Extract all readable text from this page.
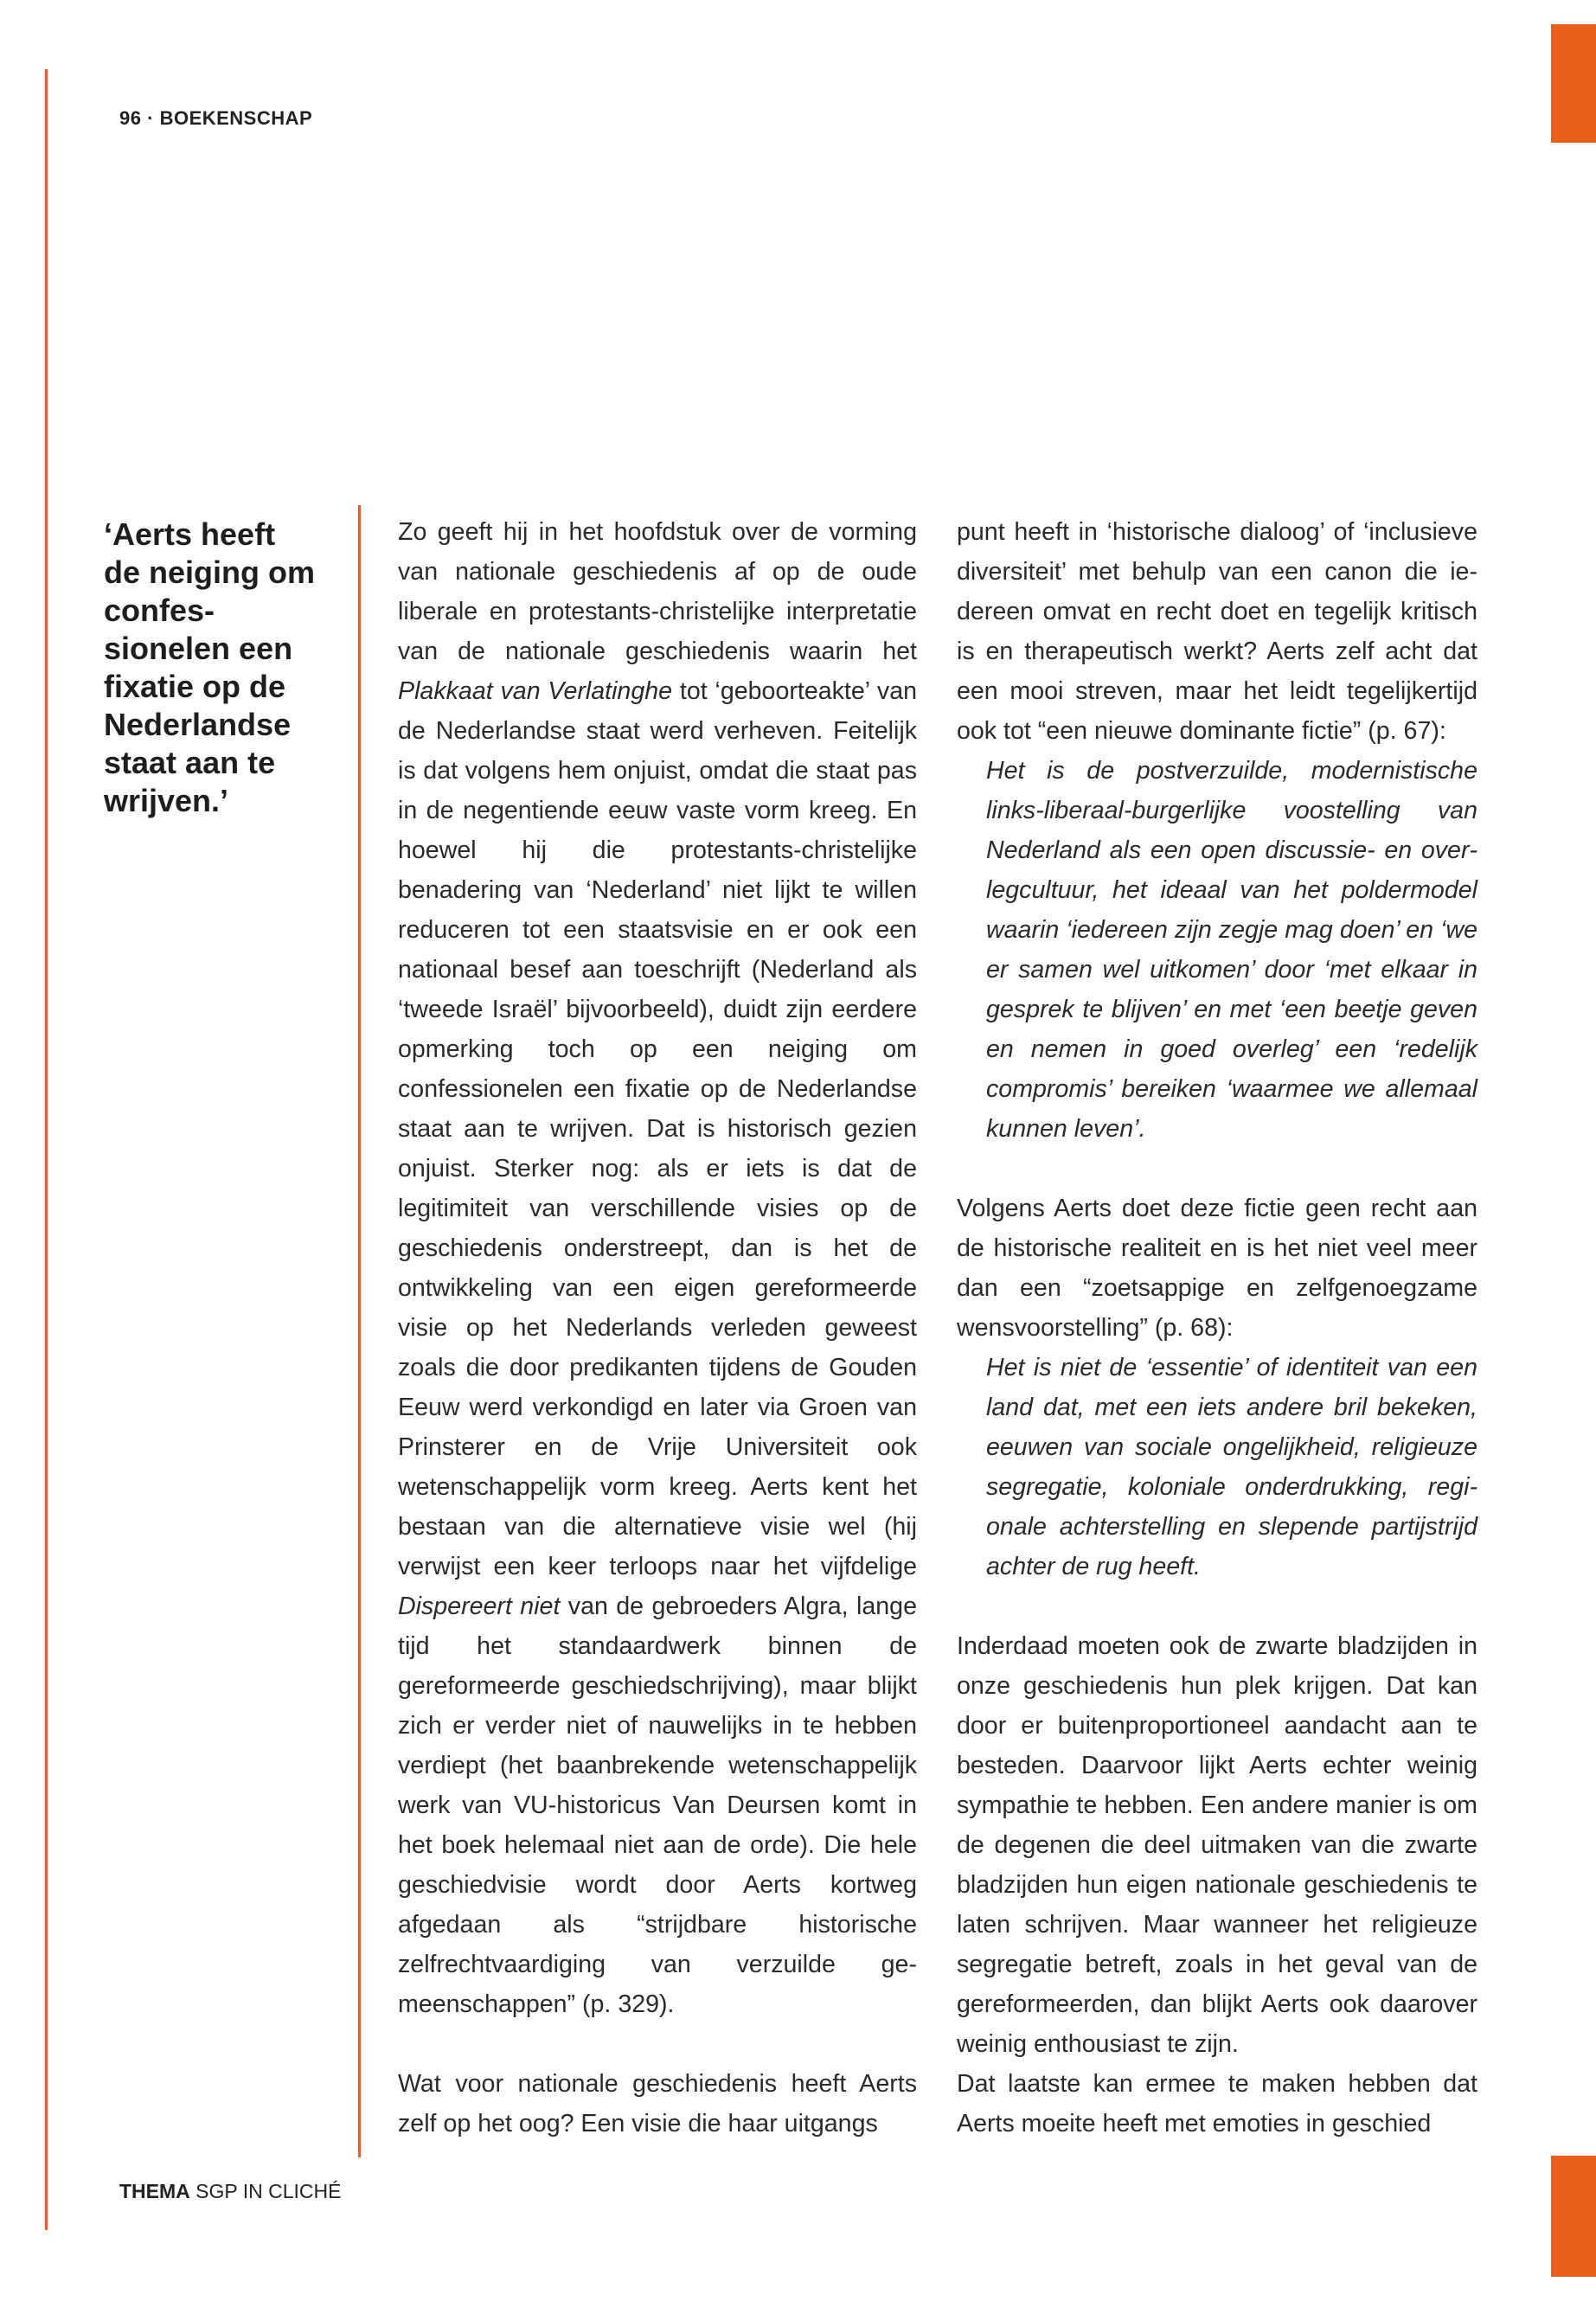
96 · BOEKENSCHAP
‘Aerts heeft de neiging om confessionelen een fixatie op de Nederlandse staat aan te wrijven.’

Zo geeft hij in het hoofdstuk over de vorming van nationale geschiedenis af op de oude liberale en protestants-christelijke interpretatie van de nationale geschiedenis waarin het Plakkaat van Verlatinghe tot ‘geboorteakte’ van de Nederlandse staat werd verheven. Feitelijk is dat volgens hem onjuist, omdat die staat pas in de negentiende eeuw vaste vorm kreeg. En hoewel hij die protestants-christelijke benadering van ‘Nederland’ niet lijkt te willen reduceren tot een staatsvisie en er ook een nationaal besef aan toeschrijft (Nederland als ‘tweede Israël’ bijvoorbeeld), duidt zijn eerdere opmerking toch op een neiging om confessionelen een fixatie op de Nederlandse staat aan te wrijven. Dat is historisch gezien onjuist. Sterker nog: als er iets is dat de legitimiteit van verschillende visies op de geschiedenis onderstreept, dan is het de ontwikkeling van een eigen gereformeerde visie op het Nederlands verleden geweest zoals die door predikanten tijdens de Gouden Eeuw werd verkondigd en later via Groen van Prinsterer en de Vrije Universiteit ook wetenschappelijk vorm kreeg. Aerts kent het bestaan van die alternatieve visie wel (hij verwijst een keer terloops naar het vijfdelige Dispereert niet van de gebroeders Algra, lange tijd het standaardwerk binnen de gereformeerde geschiedschrijving), maar blijkt zich er verder niet of nauwelijks in te hebben verdiept (het baanbrekende wetenschappelijk werk van VU-historicus Van Deursen komt in het boek helemaal niet aan de orde). Die hele geschiedvisie wordt door Aerts kortweg afgedaan als “strijdbare historische zelfrechtvaardiging van verzuilde gemeenschappen” (p. 329).

Wat voor nationale geschiedenis heeft Aerts zelf op het oog? Een visie die haar uitgangs

punt heeft in ‘historische dialoog’ of ‘inclusieve diversiteit’ met behulp van een canon die iedereen omvat en recht doet en tegelijk kritisch is en therapeutisch werkt? Aerts zelf acht dat een mooi streven, maar het leidt tegelijkertijd ook tot “een nieuwe dominante fictie” (p. 67):

Het is de postverzuilde, modernistische links-liberaal-burgerlijke voostelling van Nederland als een open discussie- en overlegcultuur, het ideaal van het poldermodel waarin ‘iedereen zijn zegje mag doen’ en ‘we er samen wel uitkomen’ door ‘met elkaar in gesprek te blijven’ en met ‘een beetje geven en nemen in goed overleg’ een ‘redelijk compromis’ bereiken ‘waarmee we allemaal kunnen leven’.

Volgens Aerts doet deze fictie geen recht aan de historische realiteit en is het niet veel meer dan een “zoetsappige en zelfgenoegzame wensvoorstelling” (p. 68):

Het is niet de ‘essentie’ of identiteit van een land dat, met een iets andere bril bekeken, eeuwen van sociale ongelijkheid, religieuze segregatie, koloniale onderdrukking, regionale achterstelling en slepende partijstrijd achter de rug heeft.

Inderdaad moeten ook de zwarte bladzijden in onze geschiedenis hun plek krijgen. Dat kan door er buitenproportioneel aandacht aan te besteden. Daarvoor lijkt Aerts echter weinig sympathie te hebben. Een andere manier is om de degenen die deel uitmaken van die zwarte bladzijden hun eigen nationale geschiedenis te laten schrijven. Maar wanneer het religieuze segregatie betreft, zoals in het geval van de gereformeerden, dan blijkt Aerts ook daarover weinig enthousiast te zijn.

Dat laatste kan ermee te maken hebben dat Aerts moeite heeft met emoties in geschied

THEMA SGP IN CLICHÉ
